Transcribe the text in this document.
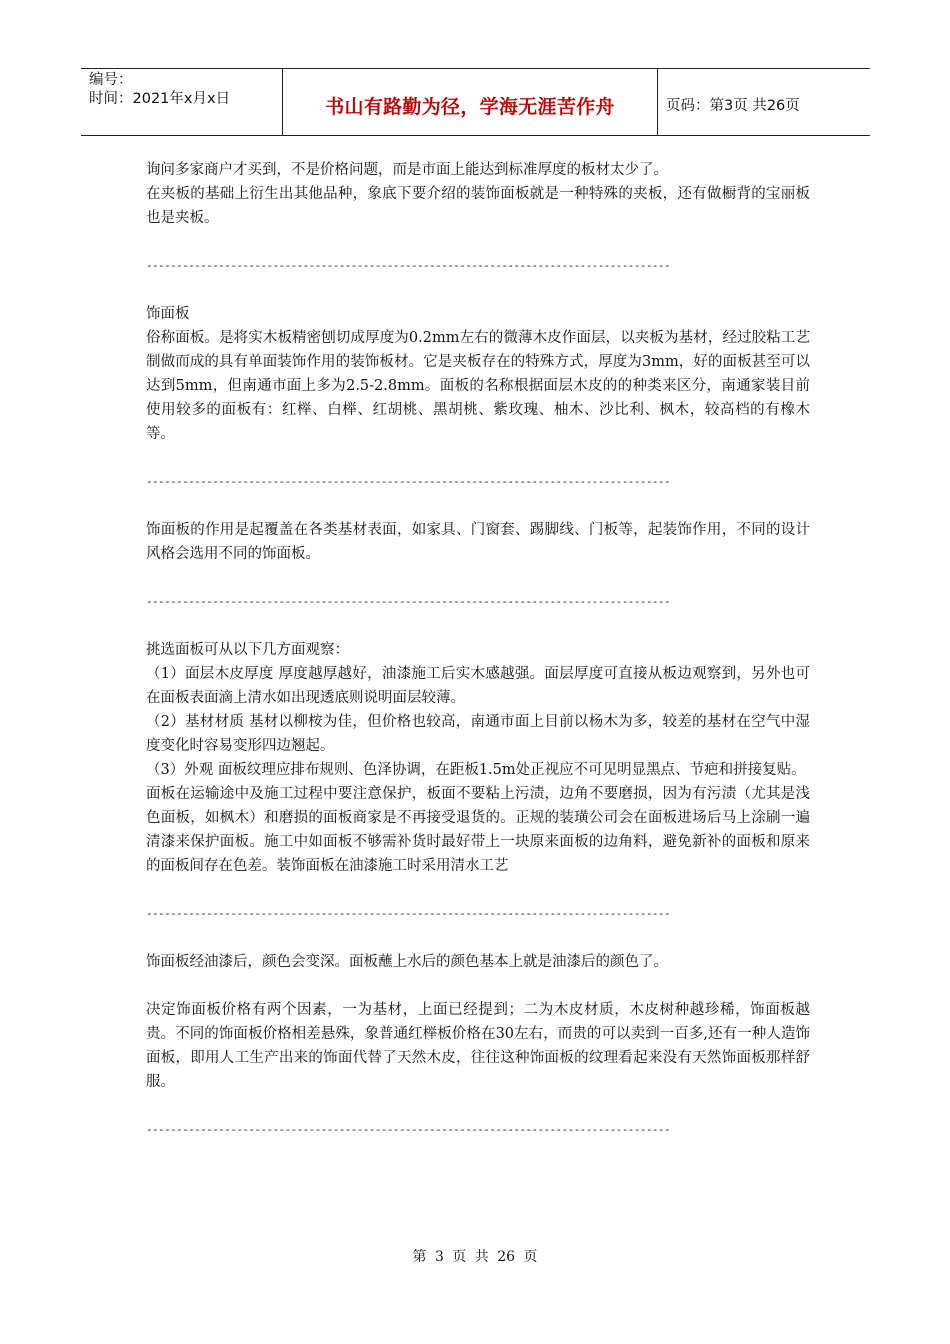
编号：
时间：2021年x月x日	书山有路勤为径，学海无涯苦作舟	页码：第3页 共26页

询问多家商户才买到，不是价格问题，而是市面上能达到标准厚度的板材太少了。

在夹板的基础上衍生出其他品种，象底下要介绍的装饰面板就是一种特殊的夹板，还有做橱背的宝丽板也是夹板。

---------------------------------------------------------------------------------------

饰面板

俗称面板。是将实木板精密刨切成厚度为0.2mm左右的微薄木皮作面层，以夹板为基材，经过胶粘工艺制做而成的具有单面装饰作用的装饰板材。它是夹板存在的特殊方式，厚度为3mm，好的面板甚至可以达到5mm，但南通市面上多为2.5-2.8mm。面板的名称根据面层木皮的的种类来区分，南通家装目前使用较多的面板有：红榉、白榉、红胡桃、黑胡桃、紫玫瑰、柚木、沙比利、枫木，较高档的有橡木等。

---------------------------------------------------------------------------------------

饰面板的作用是起覆盖在各类基材表面，如家具、门窗套、踢脚线、门板等，起装饰作用，不同的设计风格会选用不同的饰面板。

---------------------------------------------------------------------------------------

挑选面板可从以下几方面观察：

（1）面层木皮厚度 厚度越厚越好，油漆施工后实木感越强。面层厚度可直接从板边观察到，另外也可在面板表面滴上清水如出现透底则说明面层较薄。

（2）基材材质 基材以柳桉为佳，但价格也较高，南通市面上目前以杨木为多，较差的基材在空气中湿度变化时容易变形四边翘起。

（3）外观 面板纹理应排布规则、色泽协调，在距板1.5m处正视应不可见明显黑点、节疤和拼接复贴。

面板在运输途中及施工过程中要注意保护，板面不要粘上污渍，边角不要磨损，因为有污渍（尤其是浅色面板，如枫木）和磨损的面板商家是不再接受退货的。正规的装璜公司会在面板进场后马上涂刷一遍清漆来保护面板。施工中如面板不够需补货时最好带上一块原来面板的边角料，避免新补的面板和原来的面板间存在色差。装饰面板在油漆施工时采用清水工艺

---------------------------------------------------------------------------------------

饰面板经油漆后，颜色会变深。面板蘸上水后的颜色基本上就是油漆后的颜色了。

决定饰面板价格有两个因素，一为基材，上面已经提到；二为木皮材质，木皮树种越珍稀，饰面板越贵。不同的饰面板价格相差悬殊，象普通红榉板价格在30左右，而贵的可以卖到一百多,还有一种人造饰面板，即用人工生产出来的饰面代替了天然木皮，往往这种饰面板的纹理看起来没有天然饰面板那样舒服。

---------------------------------------------------------------------------------------
第 3 页 共 26 页
